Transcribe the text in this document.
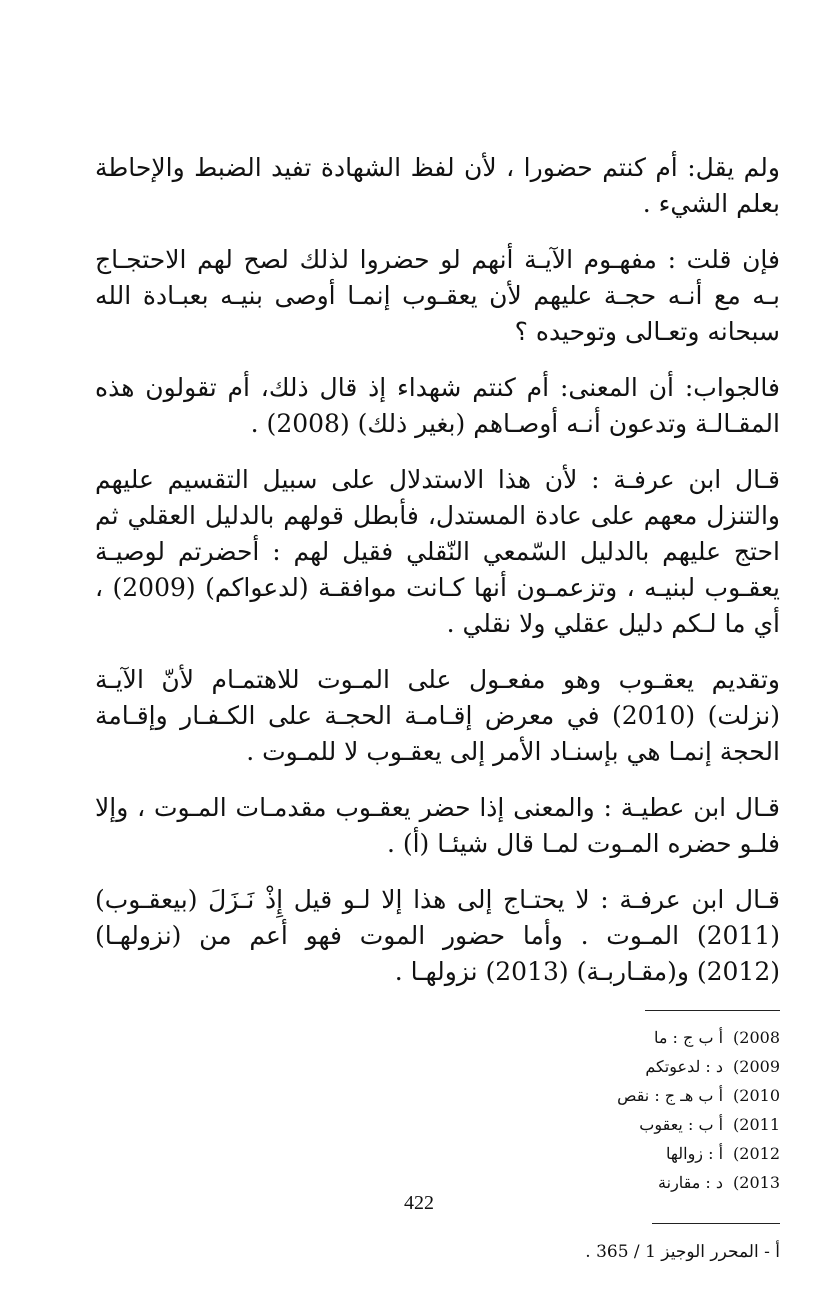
ولم يقل: أم كنتم حضورا ، لأن لفظ الشهادة تفيد الضبط والإحاطة بعلم الشيء .

فإن قلت : مفهـوم الآيـة أنهم لو حضروا لذلك لصح لهم الاحتجـاج بـه مع أنـه حجـة عليهم لأن يعقـوب إنمـا أوصى بنيـه بعبـادة الله سبحانه وتعـالى وتوحيده ؟

فالجواب: أن المعنى: أم كنتم شهداء إذ قال ذلك، أم تقولون هذه المقـالـة وتدعون أنـه أوصـاهم (بغير ذلك) (2008) .

قـال ابن عرفـة : لأن هذا الاستدلال على سبيل التقسيم عليهم والتنزل معهم على عادة المستدل، فأبطل قولهم بالدليل العقلي ثم احتج عليهم بالدليل السّمعي النّقلي فقيل لهم : أحضرتم لوصيـة يعقـوب لبنيـه ، وتزعمـون أنها كـانت موافقـة (لدعواكم) (2009) ، أي ما لـكم دليل عقلي ولا نقلي .

وتقديم يعقـوب وهو مفعـول على المـوت للاهتمـام لأنّ الآيـة (نزلت) (2010) في معرض إقـامـة الحجـة على الكـفـار وإقـامة الحجة إنمـا هي بإسنـاد الأمر إلى يعقـوب لا للمـوت .

قـال ابن عطيـة : والمعنى إذا حضر يعقـوب مقدمـات المـوت ، وإلا فلـو حضره المـوت لمـا قال شيئـا (أ) .

قـال ابن عرفـة : لا يحتـاج إلى هذا إلا لـو قيل إِذْ نَـزَلَ (بيعقـوب) (2011) المـوت . وأما حضور الموت فهو أعم من (نزولهـا) (2012) و(مقـاربـة) (2013) نزولهـا .

2008)
أ ب ج : ما
2009)
د : لدعوتكم
2010)
أ ب هـ ج : نقص
2011)
أ ب : يعقوب
2012)
أ : زوالها
2013)
د : مقارنة

أ - المحرر الوجيز 1 / 365 .

422
